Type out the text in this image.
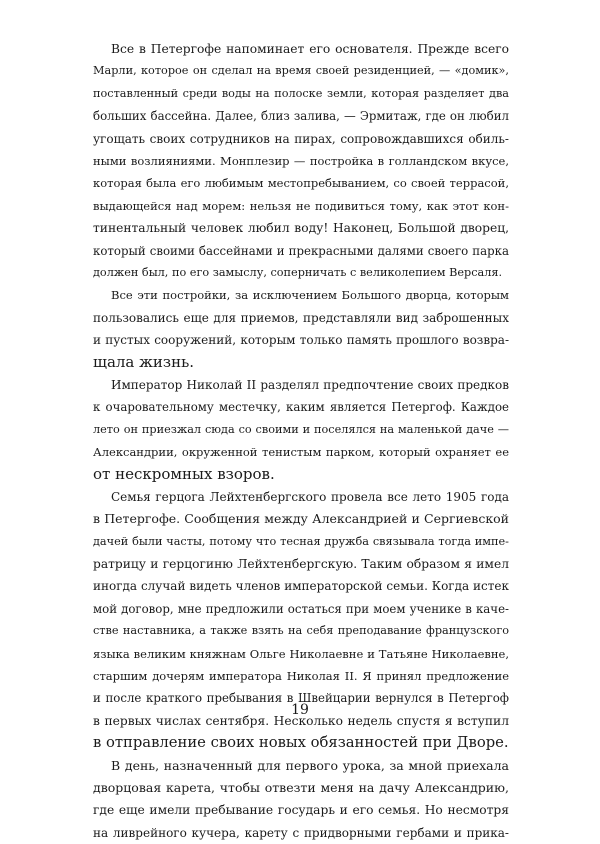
Все в Петергофе напоминает его основателя. Прежде всего
Марли, которое он сделал на время своей резиденцией, — «домик»,
поставленный среди воды на полоске земли, которая разделяет два
больших бассейна. Далее, близ залива, — Эрмитаж, где он любил
угощать своих сотрудников на пирах, сопровождавшихся обиль-
ными возлияниями. Монплезир — постройка в голландском вкусе,
которая была его любимым местопребыванием, со своей террасой,
выдающейся над морем: нельзя не подивиться тому, как этот кон-
тинентальный человек любил воду! Наконец, Большой дворец,
который своими бассейнами и прекрасными далями своего парка
должен был, по его замыслу, соперничать с великолепием Версаля.
Все эти постройки, за исключением Большого дворца, которым
пользовались еще для приемов, представляли вид заброшенных
и пустых сооружений, которым только память прошлого возвра-
щала жизнь.
Император Николай II разделял предпочтение своих предков
к очаровательному местечку, каким является Петергоф. Каждое
лето он приезжал сюда со своими и поселялся на маленькой даче —
Александрии, окруженной тенистым парком, который охраняет ее
от нескромных взоров.
Семья герцога Лейхтенбергского провела все лето 1905 года
в Петергофе. Сообщения между Александрией и Сергиевской
дачей были часты, потому что тесная дружба связывала тогда импе-
ратрицу и герцогиню Лейхтенбергскую. Таким образом я имел
иногда случай видеть членов императорской семьи. Когда истек
мой договор, мне предложили остаться при моем ученике в каче-
стве наставника, а также взять на себя преподавание французского
языка великим княжнам Ольге Николаевне и Татьяне Николаевне,
старшим дочерям императора Николая II. Я принял предложение
и после краткого пребывания в Швейцарии вернулся в Петергоф
в первых числах сентября. Несколько недель спустя я вступил
в отправление своих новых обязанностей при Дворе.
В день, назначенный для первого урока, за мной приехала
дворцовая карета, чтобы отвезти меня на дачу Александрию,
где еще имели пребывание государь и его семья. Но несмотря
на ливрейного кучера, карету с придворными гербами и прика-
19
